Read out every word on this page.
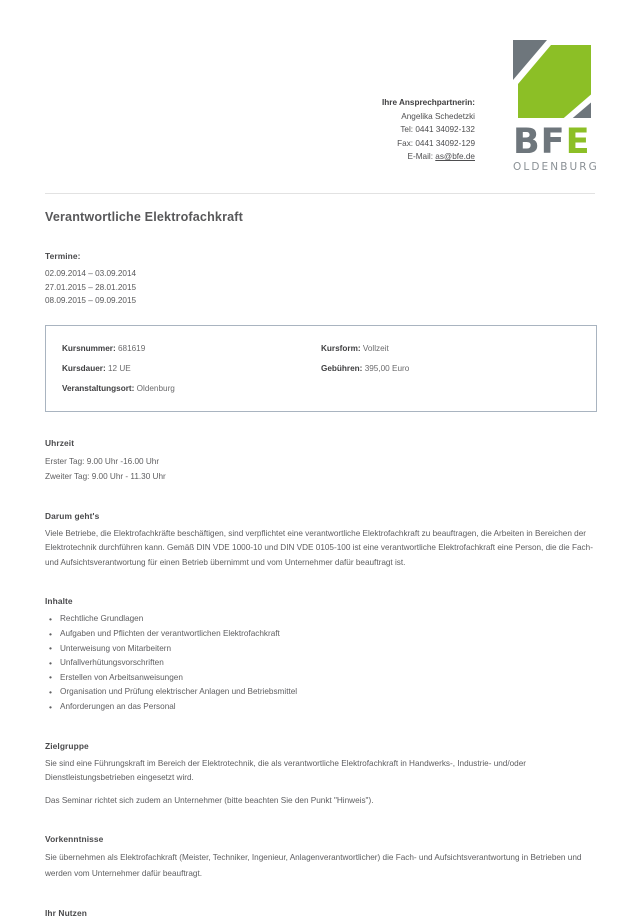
Ihre Ansprechpartnerin:
Angelika Schedetzki
Tel: 0441 34092-132
Fax: 0441 34092-129
E-Mail: as@bfe.de BFE
OLDENBURG
Verantwortliche Elektrofachkraft
Termine:
02.09.2014 – 03.09.2014
27.01.2015 – 28.01.2015
08.09.2015 – 09.09.2015
Kursnummer: 681619	Kursform: Vollzeit
Kursdauer: 12 UE	Gebühren: 395,00 Euro
Veranstaltungsort: Oldenburg
Uhrzeit
Erster Tag: 9.00 Uhr -16.00 Uhr
Zweiter Tag: 9.00 Uhr - 11.30 Uhr
Darum geht's
Viele Betriebe, die Elektrofachkräfte beschäftigen, sind verpflichtet eine verantwortliche Elektrofachkraft zu beauftragen, die Arbeiten in Bereichen der Elektrotechnik durchführen kann. Gemäß DIN VDE 1000-10 und DIN VDE 0105-100 ist eine verantwortliche Elektrofachkraft eine Person, die die Fach- und Aufsichtsverantwortung für einen Betrieb übernimmt und vom Unternehmer dafür beauftragt ist.
Inhalte
• Rechtliche Grundlagen
• Aufgaben und Pflichten der verantwortlichen Elektrofachkraft
• Unterweisung von Mitarbeitern
• Unfallverhütungsvorschriften
• Erstellen von Arbeitsanweisungen
• Organisation und Prüfung elektrischer Anlagen und Betriebsmittel
• Anforderungen an das Personal
Zielgruppe
Sie sind eine Führungskraft im Bereich der Elektrotechnik, die als verantwortliche Elektrofachkraft in Handwerks-, Industrie- und/oder Dienstleistungsbetrieben eingesetzt wird.
Das Seminar richtet sich zudem an Unternehmer (bitte beachten Sie den Punkt "Hinweis").
Vorkenntnisse
Sie übernehmen als Elektrofachkraft (Meister, Techniker, Ingenieur, Anlagenverantwortlicher) die Fach- und Aufsichtsverantwortung in Betrieben und werden vom Unternehmer dafür beauftragt.
Ihr Nutzen
